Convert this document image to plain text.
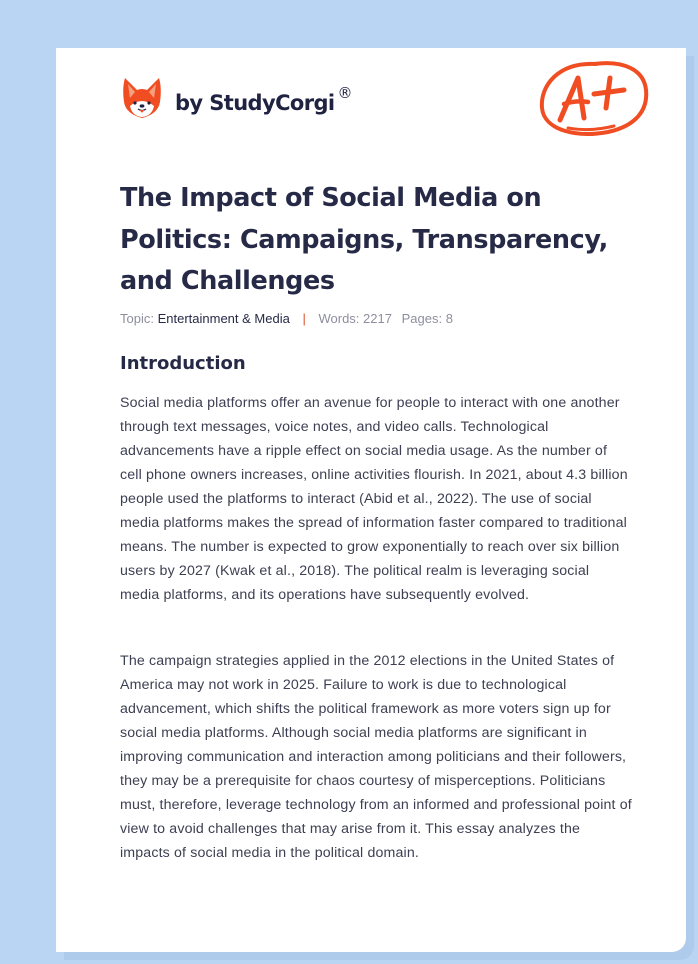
by StudyCorgi ®
The Impact of Social Media on Politics: Campaigns, Transparency, and Challenges
Topic: Entertainment & Media | Words: 2217 Pages: 8
Introduction

Social media platforms offer an avenue for people to interact with one another through text messages, voice notes, and video calls. Technological advancements have a ripple effect on social media usage. As the number of cell phone owners increases, online activities flourish. In 2021, about 4.3 billion people used the platforms to interact (Abid et al., 2022). The use of social media platforms makes the spread of information faster compared to traditional means. The number is expected to grow exponentially to reach over six billion users by 2027 (Kwak et al., 2018). The political realm is leveraging social media platforms, and its operations have subsequently evolved.

The campaign strategies applied in the 2012 elections in the United States of America may not work in 2025. Failure to work is due to technological advancement, which shifts the political framework as more voters sign up for social media platforms. Although social media platforms are significant in improving communication and interaction among politicians and their followers, they may be a prerequisite for chaos courtesy of misperceptions. Politicians must, therefore, leverage technology from an informed and professional point of view to avoid challenges that may arise from it. This essay analyzes the impacts of social media in the political domain.
